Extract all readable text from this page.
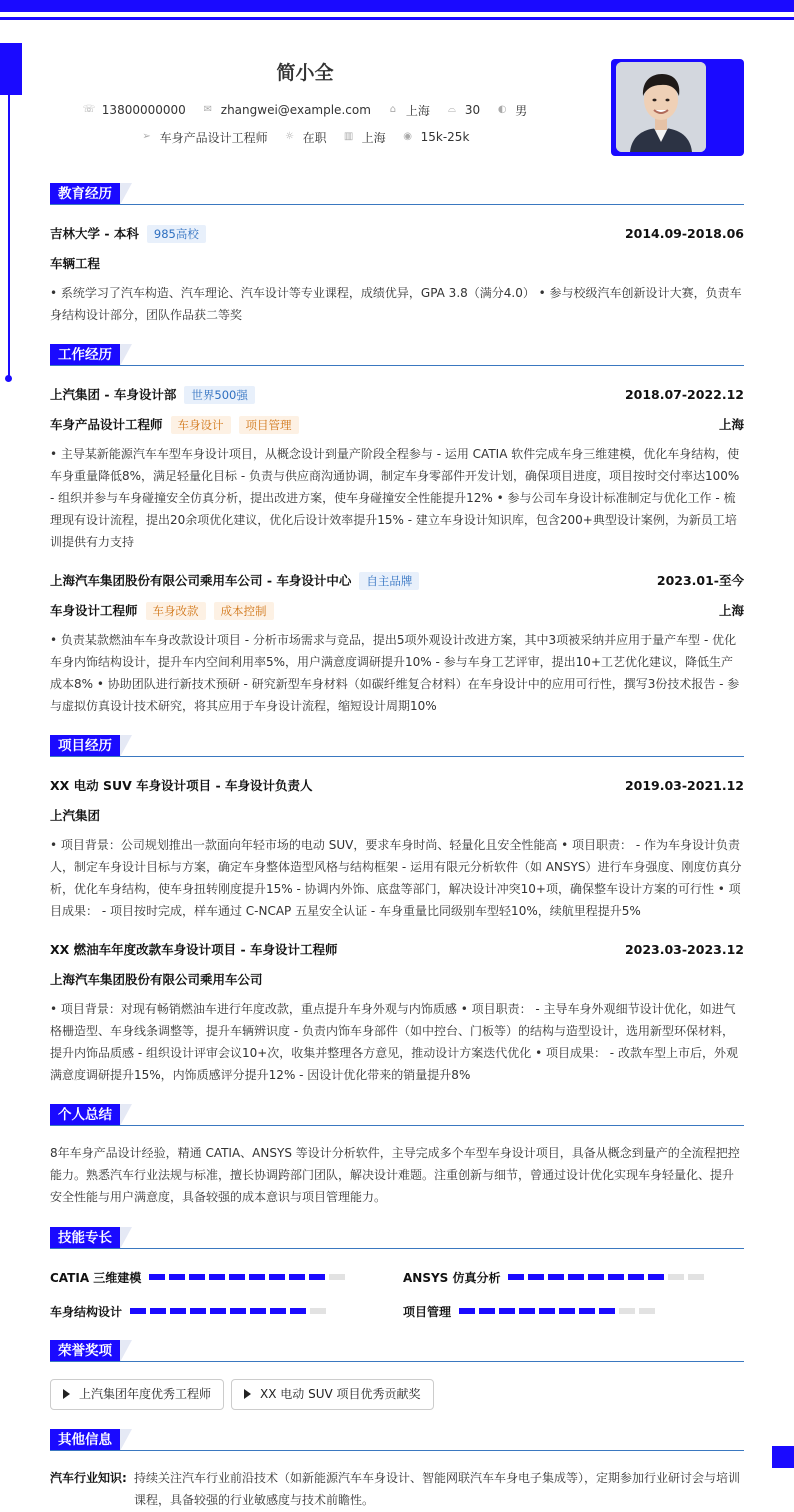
简小全
☏ 13800000000 ✉ zhangwei@example.com ⌂ 上海 ⌓ 30 ◐ 男
➢ 车身产品设计工程师 ☼ 在职 ▥ 上海 ◉ 15k-25k
教育经历
吉林大学 - 本科 985高校	2014.09-2018.06
车辆工程
• 系统学习了汽车构造、汽车理论、汽车设计等专业课程，成绩优异，GPA 3.8（满分4.0） • 参与校级汽车创新设计大赛，负责车身结构设计部分，团队作品获二等奖
工作经历
上汽集团 - 车身设计部 世界500强	2018.07-2022.12
车身产品设计工程师 车身设计 项目管理	上海
• 主导某新能源汽车车型车身设计项目，从概念设计到量产阶段全程参与 - 运用 CATIA 软件完成车身三维建模，优化车身结构，使车身重量降低8%，满足轻量化目标 - 负责与供应商沟通协调，制定车身零部件开发计划，确保项目进度，项目按时交付率达100% - 组织并参与车身碰撞安全仿真分析，提出改进方案，使车身碰撞安全性能提升12% • 参与公司车身设计标准制定与优化工作 - 梳理现有设计流程，提出20余项优化建议，优化后设计效率提升15% - 建立车身设计知识库，包含200+典型设计案例，为新员工培训提供有力支持
上海汽车集团股份有限公司乘用车公司 - 车身设计中心 自主品牌	2023.01-至今
车身设计工程师 车身改款 成本控制	上海
• 负责某款燃油车车身改款设计项目 - 分析市场需求与竞品，提出5项外观设计改进方案，其中3项被采纳并应用于量产车型 - 优化车身内饰结构设计，提升车内空间利用率5%，用户满意度调研提升10% - 参与车身工艺评审，提出10+工艺优化建议，降低生产成本8% • 协助团队进行新技术预研 - 研究新型车身材料（如碳纤维复合材料）在车身设计中的应用可行性，撰写3份技术报告 - 参与虚拟仿真设计技术研究，将其应用于车身设计流程，缩短设计周期10%
项目经历
XX 电动 SUV 车身设计项目 - 车身设计负责人	2019.03-2021.12
上汽集团
• 项目背景：公司规划推出一款面向年轻市场的电动 SUV，要求车身时尚、轻量化且安全性能高 • 项目职责： - 作为车身设计负责人，制定车身设计目标与方案，确定车身整体造型风格与结构框架 - 运用有限元分析软件（如 ANSYS）进行车身强度、刚度仿真分析，优化车身结构，使车身扭转刚度提升15% - 协调内外饰、底盘等部门，解决设计冲突10+项，确保整车设计方案的可行性 • 项目成果： - 项目按时完成，样车通过 C-NCAP 五星安全认证 - 车身重量比同级别车型轻10%，续航里程提升5%
XX 燃油车年度改款车身设计项目 - 车身设计工程师	2023.03-2023.12
上海汽车集团股份有限公司乘用车公司
• 项目背景：对现有畅销燃油车进行年度改款，重点提升车身外观与内饰质感 • 项目职责： - 主导车身外观细节设计优化，如进气格栅造型、车身线条调整等，提升车辆辨识度 - 负责内饰车身部件（如中控台、门板等）的结构与造型设计，选用新型环保材料，提升内饰品质感 - 组织设计评审会议10+次，收集并整理各方意见，推动设计方案迭代优化 • 项目成果： - 改款车型上市后，外观满意度调研提升15%，内饰质感评分提升12% - 因设计优化带来的销量提升8%
个人总结
8年车身产品设计经验，精通 CATIA、ANSYS 等设计分析软件，主导完成多个车型车身设计项目，具备从概念到量产的全流程把控能力。熟悉汽车行业法规与标准，擅长协调跨部门团队，解决设计难题。注重创新与细节，曾通过设计优化实现车身轻量化、提升安全性能与用户满意度，具备较强的成本意识与项目管理能力。
技能专长
CATIA 三维建模	ANSYS 仿真分析
车身结构设计	项目管理
荣誉奖项
上汽集团年度优秀工程师	XX 电动 SUV 项目优秀贡献奖
其他信息
汽车行业知识: 持续关注汽车行业前沿技术（如新能源汽车车身设计、智能网联汽车车身电子集成等），定期参加行业研讨会与培训课程，具备较强的行业敏感度与技术前瞻性。
